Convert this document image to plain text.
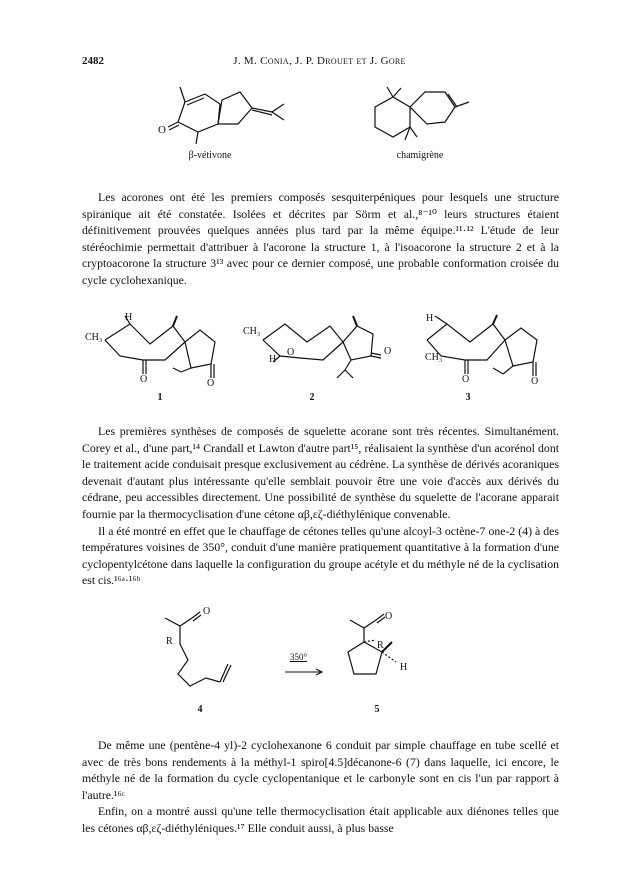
2482	J. M. Conia, J. P. Drouet et J. Gore
O
β-vétivone	chamigrène

Les acorones ont été les premiers composés sesquiterpéniques pour lesquels une structure spiranique ait été constatée. Isolées et décrites par Sörm et al.,⁸⁻¹⁰ leurs structures étaient définitivement prouvées quelques années plus tard par la même équipe.¹¹·¹² L'étude de leur stéréochimie permettait d'attribuer à l'acorone la structure 1, à l'isoacorone la structure 2 et à la cryptoacorone la structure 3¹³ avec pour ce dernier composé, une probable conformation croisée du cycle cyclohexanique.

H
CH₃
O	O
CH₃
H
O	O
H
CH₃
O	O
1	2	3

Les premières synthèses de composés de squelette acorane sont très récentes. Simultanément. Corey et al., d'une part,¹⁴ Crandall et Lawton d'autre part¹⁵, réalisaient la synthèse d'un acorénol dont le traitement acide conduisait presque exclusivement au cédrène. La synthèse de dérivés acoraniques devenait d'autant plus intéressante qu'elle semblait pouvoir être une voie d'accès aux dérivés du cédrane, peu accessibles directement. Une possibilité de synthèse du squelette de l'acorane apparait fournie par la thermocyclisation d'une cétone αβ,εζ-diéthylénique convenable.

Il a été montré en effet que le chauffage de cétones telles qu'une alcoyl-3 octène-7 one-2 (4) à des températures voisines de 350°, conduit d'une manière pratiquement quantitative à la formation d'une cyclopentylcétone dans laquelle la configuration du groupe acétyle et du méthyle né de la cyclisation est cis.¹⁶ᵃ·¹⁶ᵇ

O
R
350°
O
R
H
4	5

De même une (pentène-4 yl)-2 cyclohexanone 6 conduit par simple chauffage en tube scellé et avec de très bons rendements à la méthyl-1 spiro[4.5]décanone-6 (7) dans laquelle, ici encore, le méthyle né de la formation du cycle cyclopentanique et le carbonyle sont en cis l'un par rapport à l'autre.¹⁶ᶜ

Enfin, on a montré aussi qu'une telle thermocyclisation était applicable aux diénones telles que les cétones αβ,εζ-diéthyléniques.¹⁷ Elle conduit aussi, à plus basse
